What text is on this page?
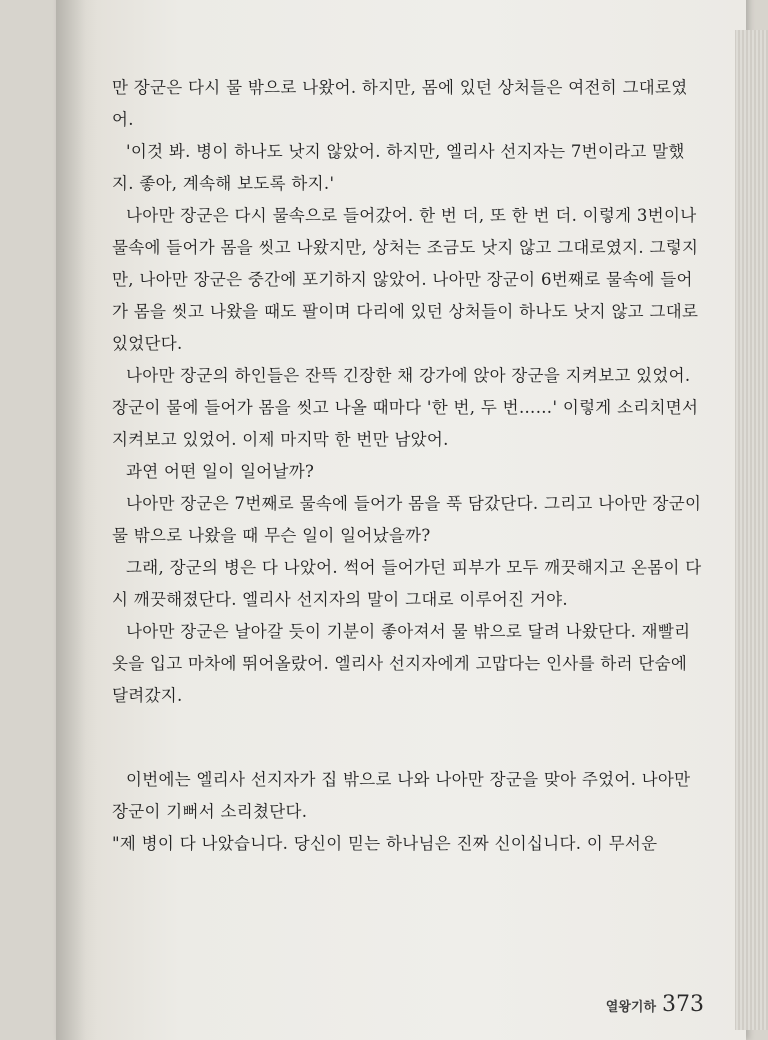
만 장군은 다시 물 밖으로 나왔어. 하지만, 몸에 있던 상처들은 여전히 그대로였어.

'이것 봐. 병이 하나도 낫지 않았어. 하지만, 엘리사 선지자는 7번이라고 말했지. 좋아, 계속해 보도록 하지.'

나아만 장군은 다시 물속으로 들어갔어. 한 번 더, 또 한 번 더. 이렇게 3번이나 물속에 들어가 몸을 씻고 나왔지만, 상처는 조금도 낫지 않고 그대로였지. 그렇지만, 나아만 장군은 중간에 포기하지 않았어. 나아만 장군이 6번째로 물속에 들어가 몸을 씻고 나왔을 때도 팔이며 다리에 있던 상처들이 하나도 낫지 않고 그대로 있었단다.

나아만 장군의 하인들은 잔뜩 긴장한 채 강가에 앉아 장군을 지켜보고 있었어. 장군이 물에 들어가 몸을 씻고 나올 때마다 '한 번, 두 번……' 이렇게 소리치면서 지켜보고 있었어. 이제 마지막 한 번만 남았어.

과연 어떤 일이 일어날까?

나아만 장군은 7번째로 물속에 들어가 몸을 푹 담갔단다. 그리고 나아만 장군이 물 밖으로 나왔을 때 무슨 일이 일어났을까?

그래, 장군의 병은 다 나았어. 썩어 들어가던 피부가 모두 깨끗해지고 온몸이 다시 깨끗해졌단다. 엘리사 선지자의 말이 그대로 이루어진 거야.

나아만 장군은 날아갈 듯이 기분이 좋아져서 물 밖으로 달려 나왔단다. 재빨리 옷을 입고 마차에 뛰어올랐어. 엘리사 선지자에게 고맙다는 인사를 하러 단숨에 달려갔지.

이번에는 엘리사 선지자가 집 밖으로 나와 나아만 장군을 맞아 주었어. 나아만 장군이 기뻐서 소리쳤단다.

"제 병이 다 나았습니다. 당신이 믿는 하나님은 진짜 신이십니다. 이 무서운

열왕기하 373
